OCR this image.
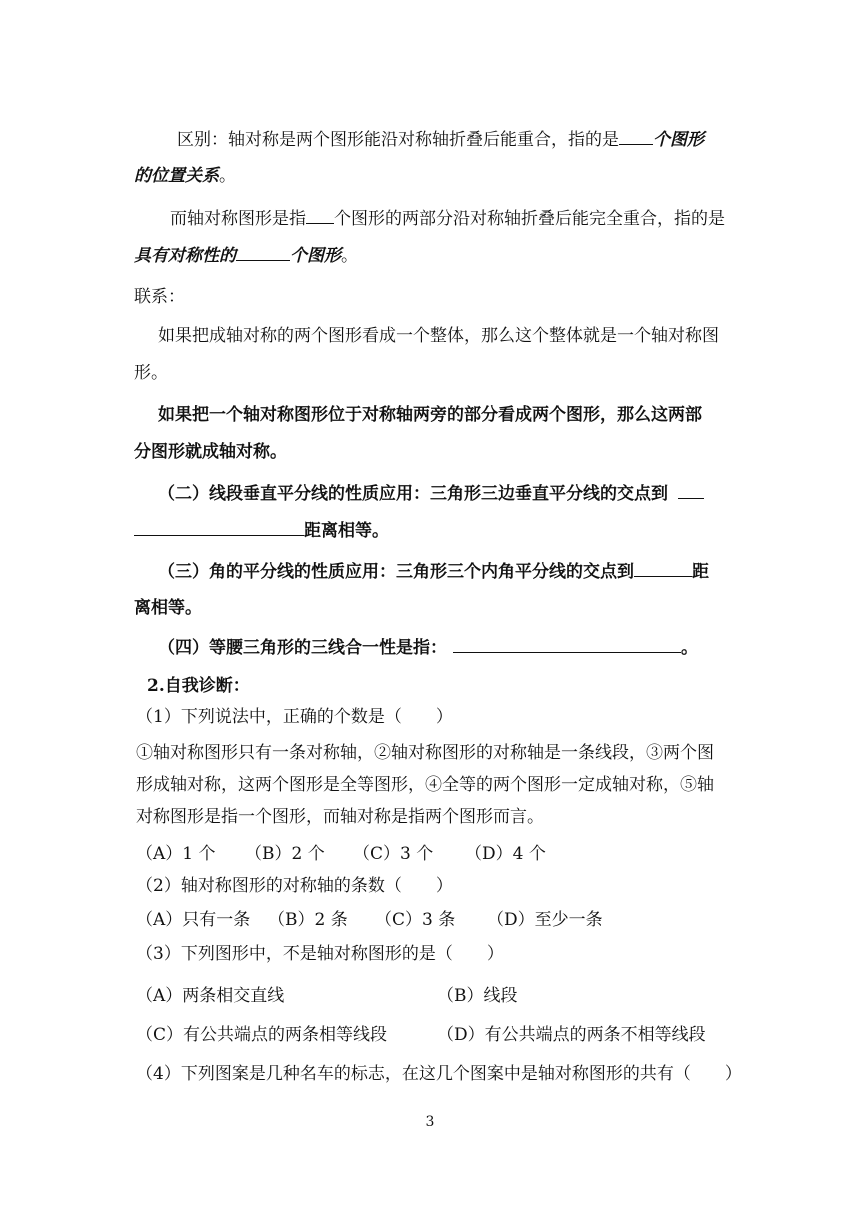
区别：轴对称是两个图形能沿对称轴折叠后能重合，指的是 个图形
的位置关系。
而轴对称图形是指 个图形的两部分沿对称轴折叠后能完全重合，指的是
具有对称性的	个图形。
联系：
如果把成轴对称的两个图形看成一个整体，那么这个整体就是一个轴对称图
形。
如果把一个轴对称图形位于对称轴两旁的部分看成两个图形，那么这两部
分图形就成轴对称。
（二）线段垂直平分线的性质应用：三角形三边垂直平分线的交点到
距离相等。
（三）角的平分线的性质应用：三角形三个内角平分线的交点到	距
离相等。
（四）等腰三角形的三线合一性是指：	。
2.自我诊断：
（1）下列说法中，正确的个数是（　　）
①轴对称图形只有一条对称轴，②轴对称图形的对称轴是一条线段，③两个图
形成轴对称，这两个图形是全等图形，④全等的两个图形一定成轴对称，⑤轴
对称图形是指一个图形，而轴对称是指两个图形而言。
（A）1 个 （B）2 个 （C）3 个 （D）4 个
（2）轴对称图形的对称轴的条数（　　）
（A）只有一条 （B）2 条 （C）3 条 （D）至少一条
（3）下列图形中，不是轴对称图形的是（　　）
（A）两条相交直线	（B）线段
（C）有公共端点的两条相等线段	（D）有公共端点的两条不相等线段
（4）下列图案是几种名车的标志，在这几个图案中是轴对称图形的共有（　　）
3
